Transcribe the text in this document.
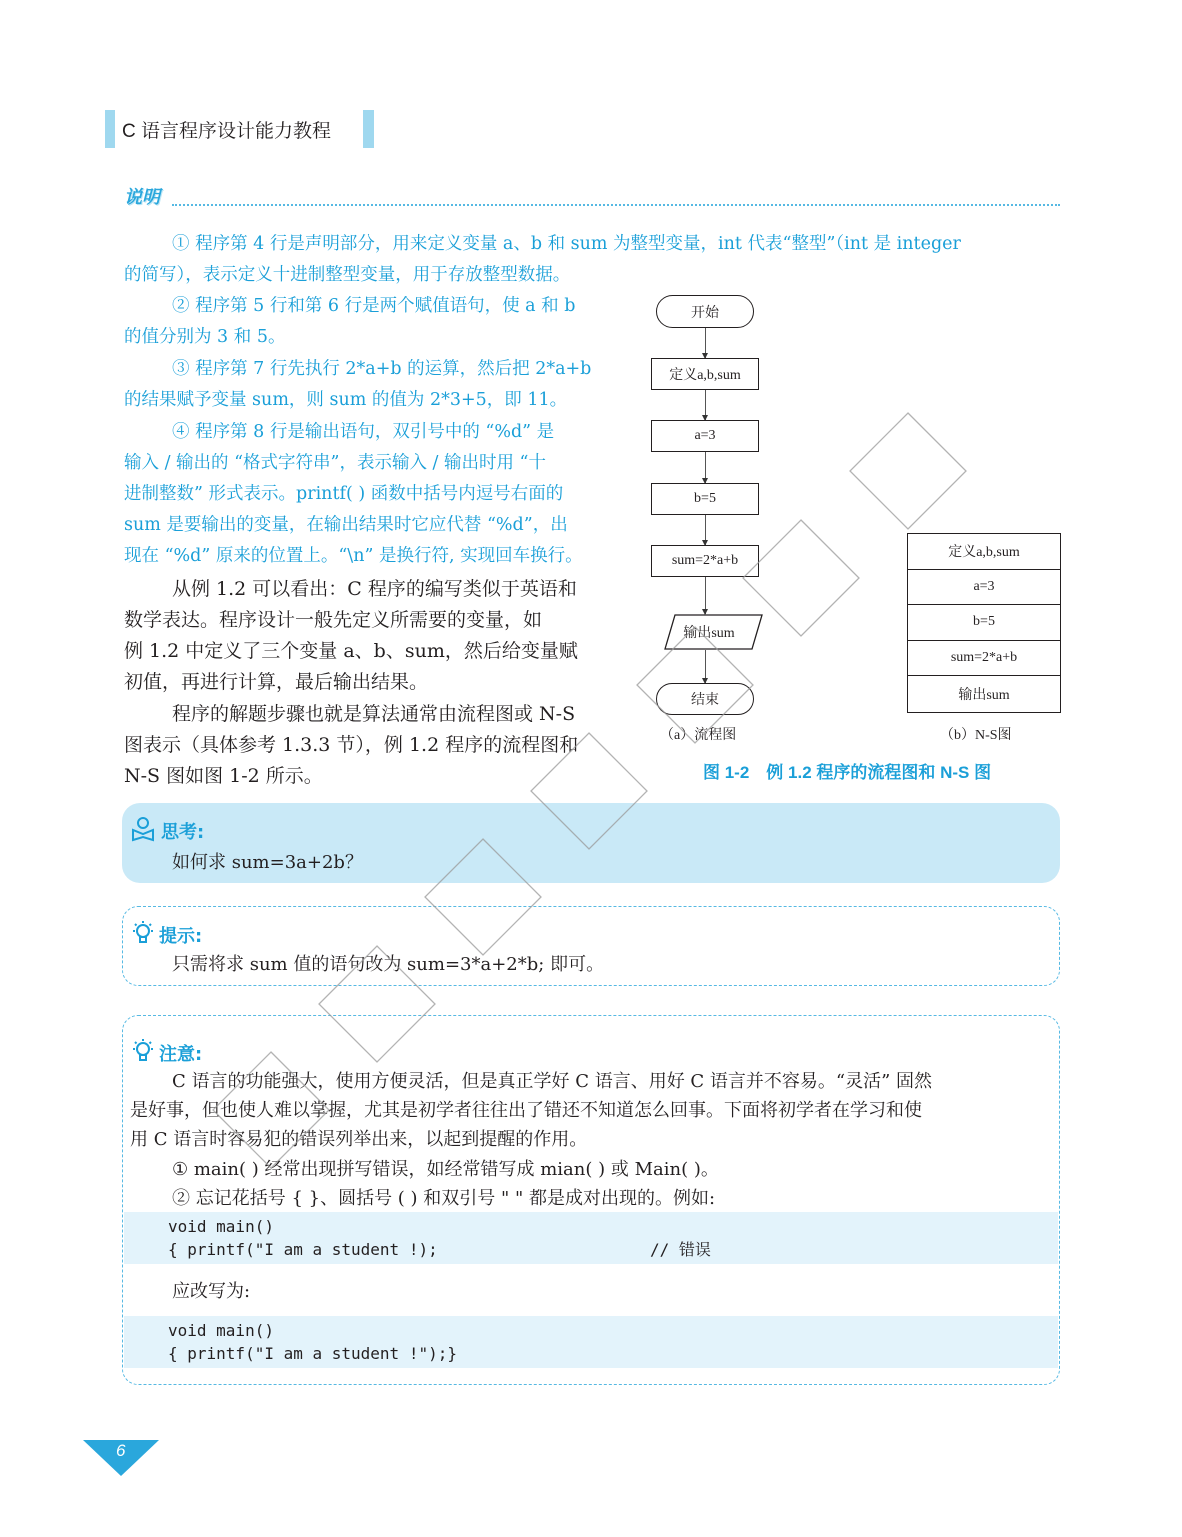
C 语言程序设计能力教程
说明
① 程序第 4 行是声明部分，用来定义变量 a、b 和 sum 为整型变量，int 代表“整型”（int 是 integer
的简写），表示定义十进制整型变量，用于存放整型数据。
② 程序第 5 行和第 6 行是两个赋值语句，使 a 和 b
的值分别为 3 和 5。
③ 程序第 7 行先执行 2*a+b 的运算，然后把 2*a+b
的结果赋予变量 sum，则 sum 的值为 2*3+5，即 11。
④ 程序第 8 行是输出语句，双引号中的 “%d” 是
输入 / 输出的 “格式字符串”，表示输入 / 输出时用 “十
进制整数” 形式表示。printf( ) 函数中括号内逗号右面的
sum 是要输出的变量，在输出结果时它应代替 “%d”，出
现在 “%d” 原来的位置上。“\n” 是换行符, 实现回车换行。
从例 1.2 可以看出：C 程序的编写类似于英语和
数学表达。程序设计一般先定义所需要的变量，如
例 1.2 中定义了三个变量 a、b、sum，然后给变量赋
初值，再进行计算，最后输出结果。
程序的解题步骤也就是算法通常由流程图或 N-S
图表示（具体参考 1.3.3 节），例 1.2 程序的流程图和
N-S 图如图 1-2 所示。
开始
定义a,b,sum
a=3
b=5
sum=2*a+b
输出sum
结束
（a）流程图
定义a,b,sum
a=3
b=5
sum=2*a+b
输出sum
（b）N-S图
图 1-2　例 1.2 程序的流程图和 N-S 图
思考:
如何求 sum=3a+2b？
提示:
只需将求 sum 值的语句改为 sum=3*a+2*b; 即可。
注意:
C 语言的功能强大，使用方便灵活，但是真正学好 C 语言、用好 C 语言并不容易。“灵活” 固然
是好事，但也使人难以掌握，尤其是初学者往往出了错还不知道怎么回事。下面将初学者在学习和使
用 C 语言时容易犯的错误列举出来，以起到提醒的作用。
① main( ) 经常出现拼写错误，如经常错写成 mian( ) 或 Main( )。
② 忘记花括号 { }、圆括号 ( ) 和双引号 " " 都是成对出现的。例如:
void main()
{ printf("I am a student !);	// 错误
应改写为:
void main()
{ printf("I am a student !");}
6
